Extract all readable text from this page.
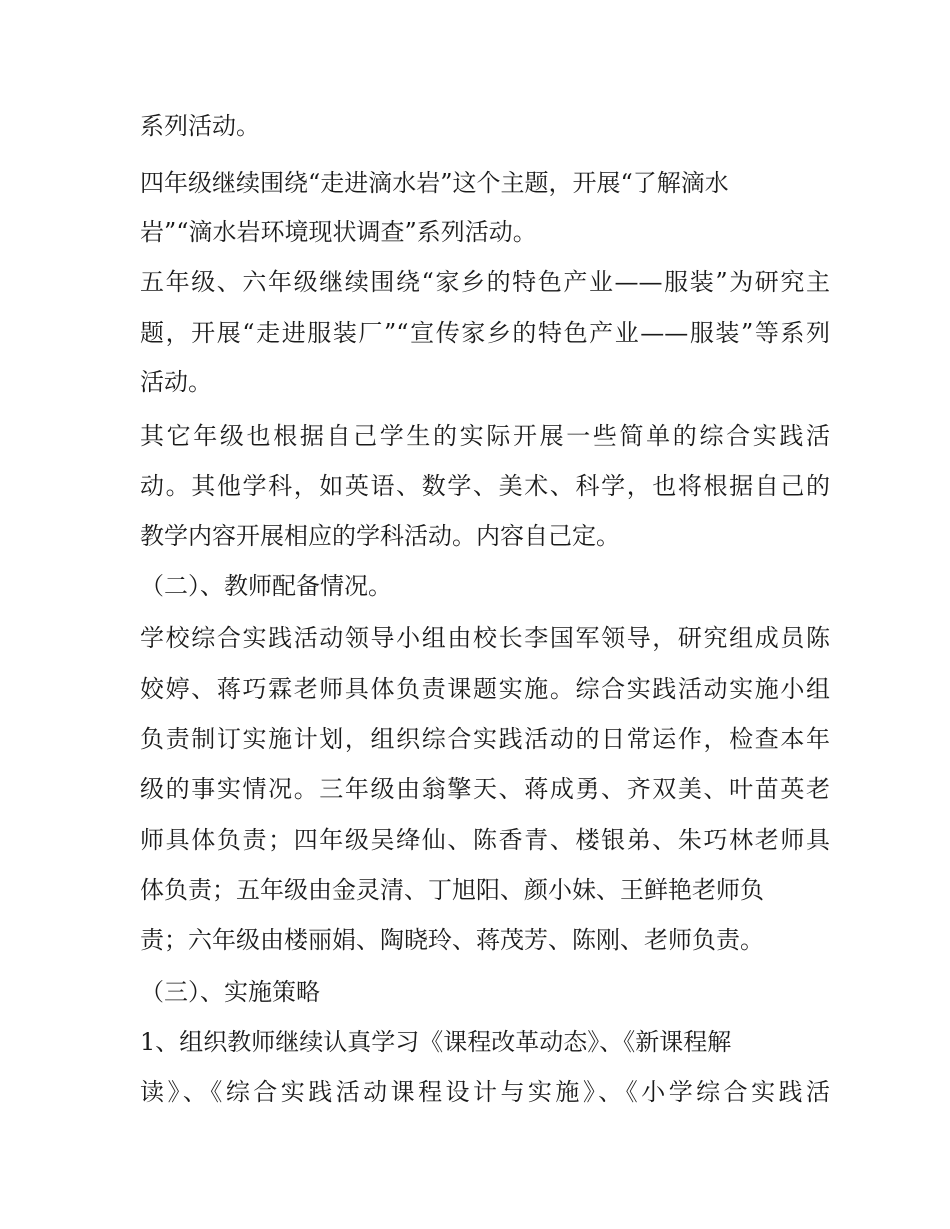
系列活动。
四年级继续围绕“走进滴水岩”这个主题，开展“了解滴水
岩”“滴水岩环境现状调查”系列活动。
五年级、六年级继续围绕“家乡的特色产业——服装”为研究主
题，开展“走进服装厂”“宣传家乡的特色产业——服装”等系列
活动。
其它年级也根据自己学生的实际开展一些简单的综合实践活
动。其他学科，如英语、数学、美术、科学，也将根据自己的
教学内容开展相应的学科活动。内容自己定。
（二）、教师配备情况。
学校综合实践活动领导小组由校长李国军领导，研究组成员陈
姣婷、蒋巧霖老师具体负责课题实施。综合实践活动实施小组
负责制订实施计划，组织综合实践活动的日常运作，检查本年
级的事实情况。三年级由翁擎天、蒋成勇、齐双美、叶苗英老
师具体负责；四年级吴绛仙、陈香青、楼银弟、朱巧林老师具
体负责；五年级由金灵清、丁旭阳、颜小妹、王鲜艳老师负
责；六年级由楼丽娟、陶晓玲、蒋茂芳、陈刚、老师负责。
（三）、实施策略
1、组织教师继续认真学习《课程改革动态》、《新课程解
读》、《综合实践活动课程设计与实施》、《小学综合实践活
